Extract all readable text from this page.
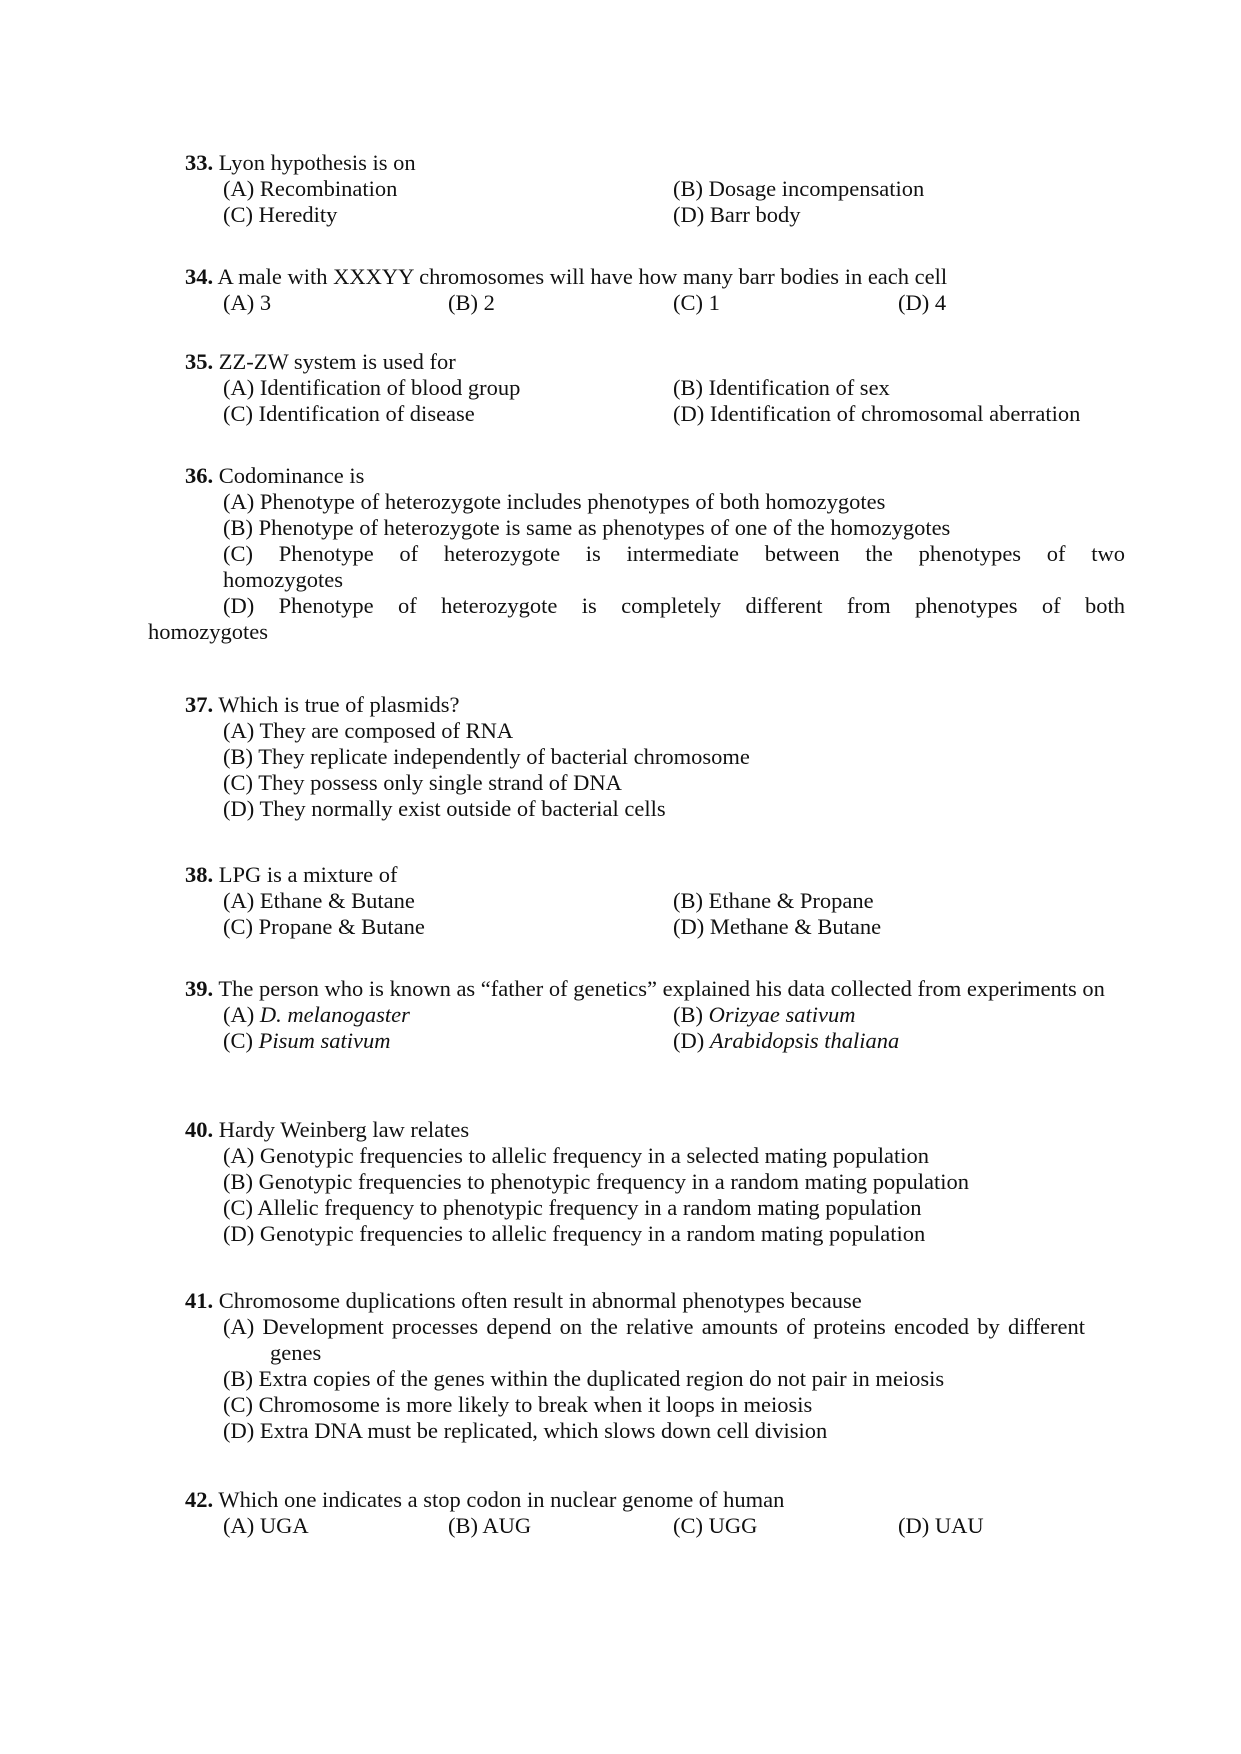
33. Lyon hypothesis is on
(A) Recombination	(B) Dosage incompensation
(C) Heredity	(D) Barr body
34. A male with XXXYY chromosomes will have how many barr bodies in each cell
(A) 3	(B) 2	(C) 1	(D) 4
35. ZZ-ZW system is used for
(A) Identification of blood group	(B) Identification of sex
(C) Identification of disease	(D) Identification of chromosomal aberration
36. Codominance is
(A) Phenotype of heterozygote includes phenotypes of both homozygotes
(B) Phenotype of heterozygote is same as phenotypes of one of the homozygotes
(C) Phenotype of heterozygote is intermediate between the phenotypes of two
homozygotes
(D) Phenotype of heterozygote is completely different from phenotypes of both
homozygotes
37. Which is true of plasmids?
(A) They are composed of RNA
(B) They replicate independently of bacterial chromosome
(C) They possess only single strand of DNA
(D) They normally exist outside of bacterial cells
38. LPG is a mixture of
(A) Ethane & Butane	(B) Ethane & Propane
(C) Propane & Butane	(D) Methane & Butane
39. The person who is known as “father of genetics” explained his data collected from experiments on
(A) D. melanogaster	(B) Orizyae sativum
(C) Pisum sativum	(D) Arabidopsis thaliana
40. Hardy Weinberg law relates
(A) Genotypic frequencies to allelic frequency in a selected mating population
(B) Genotypic frequencies to phenotypic frequency in a random mating population
(C) Allelic frequency to phenotypic frequency in a random mating population
(D) Genotypic frequencies to allelic frequency in a random mating population
41. Chromosome duplications often result in abnormal phenotypes because
(A) Development processes depend on the relative amounts of proteins encoded by different genes
(B) Extra copies of the genes within the duplicated region do not pair in meiosis
(C) Chromosome is more likely to break when it loops in meiosis
(D) Extra DNA must be replicated, which slows down cell division
42. Which one indicates a stop codon in nuclear genome of human
(A) UGA	(B) AUG	(C) UGG	(D) UAU
